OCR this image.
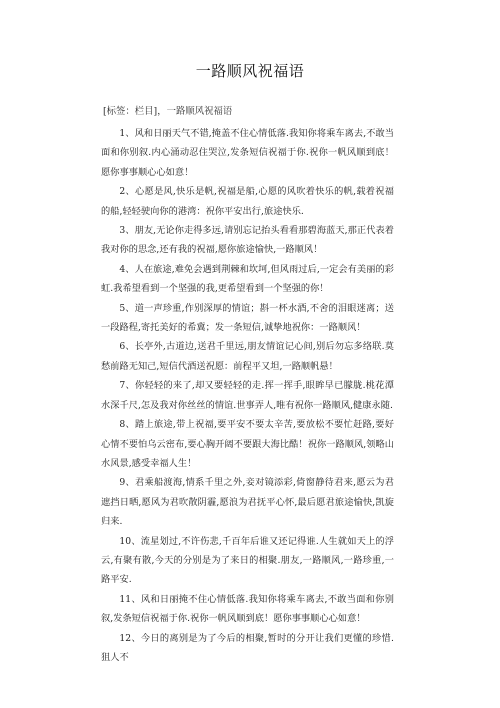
一路顺风祝福语
[标签：栏目]，一路顺风祝福语

1、风和日丽天气不错,掩盖不住心情低落.我知你将乘车离去,不敢当面和你别叙.内心涌动忍住哭泣,发条短信祝福于你.祝你一帆风顺到底！愿你事事顺心心如意！

2、心愿是风,快乐是帆,祝福是船,心愿的风吹着快乐的帆,载着祝福的船,轻轻驶向你的港湾：祝你平安出行,旅途快乐.

3、朋友,无论你走得多远,请别忘记抬头看看那碧海蓝天,那正代表着我对你的思念,还有我的祝福,愿你旅途愉快,一路顺风！

4、人在旅途,难免会遇到荆棘和坎坷,但风雨过后,一定会有美丽的彩虹.我希望看到一个坚强的我,更希望看到一个坚强的你！

5、道一声珍重,作别深厚的情谊；斟一杯水酒,不舍的泪眼迷离；送一段路程,寄托美好的希冀；发一条短信,诚挚地祝你：一路顺风！

6、长亭外,古道边,送君千里远,朋友情谊记心间,别后勿忘多络联.莫愁前路无知己,短信代酒送祝愿：前程平又坦,一路顺帆悬！

7、你轻轻的来了,却又要轻轻的走.挥一挥手,眼眸早已朦胧.桃花潭水深千尺,怎及我对你丝丝的情谊.世事弄人,唯有祝你一路顺风,健康永随.

8、踏上旅途,带上祝福,要平安不要太辛苦,要放松不要忙赶路,要好心情不要怕乌云密布,要心胸开阔不要跟大海比酷！祝你一路顺风,领略山水风景,感受幸福人生！

9、君乘船渡海,情系千里之外,妾对镜添彩,倚窗静待君来,愿云为君遮挡日晒,愿风为君吹散阴霾,愿浪为君抚平心怀,最后愿君旅途愉快,凯旋归来.

10、流星划过,不许伤悲,千百年后谁又还记得谁.人生就如天上的浮云,有聚有散,今天的分别是为了来日的相聚.朋友,一路顺风,一路珍重,一路平安.

11、风和日丽掩不住心情低落.我知你将乘车离去,不敢当面和你别叙,发条短信祝福于你.祝你一帆风顺到底！愿你事事顺心心如意！

12、今日的离别是为了今后的相聚,暂时的分开让我们更懂的珍惜.狙人不
